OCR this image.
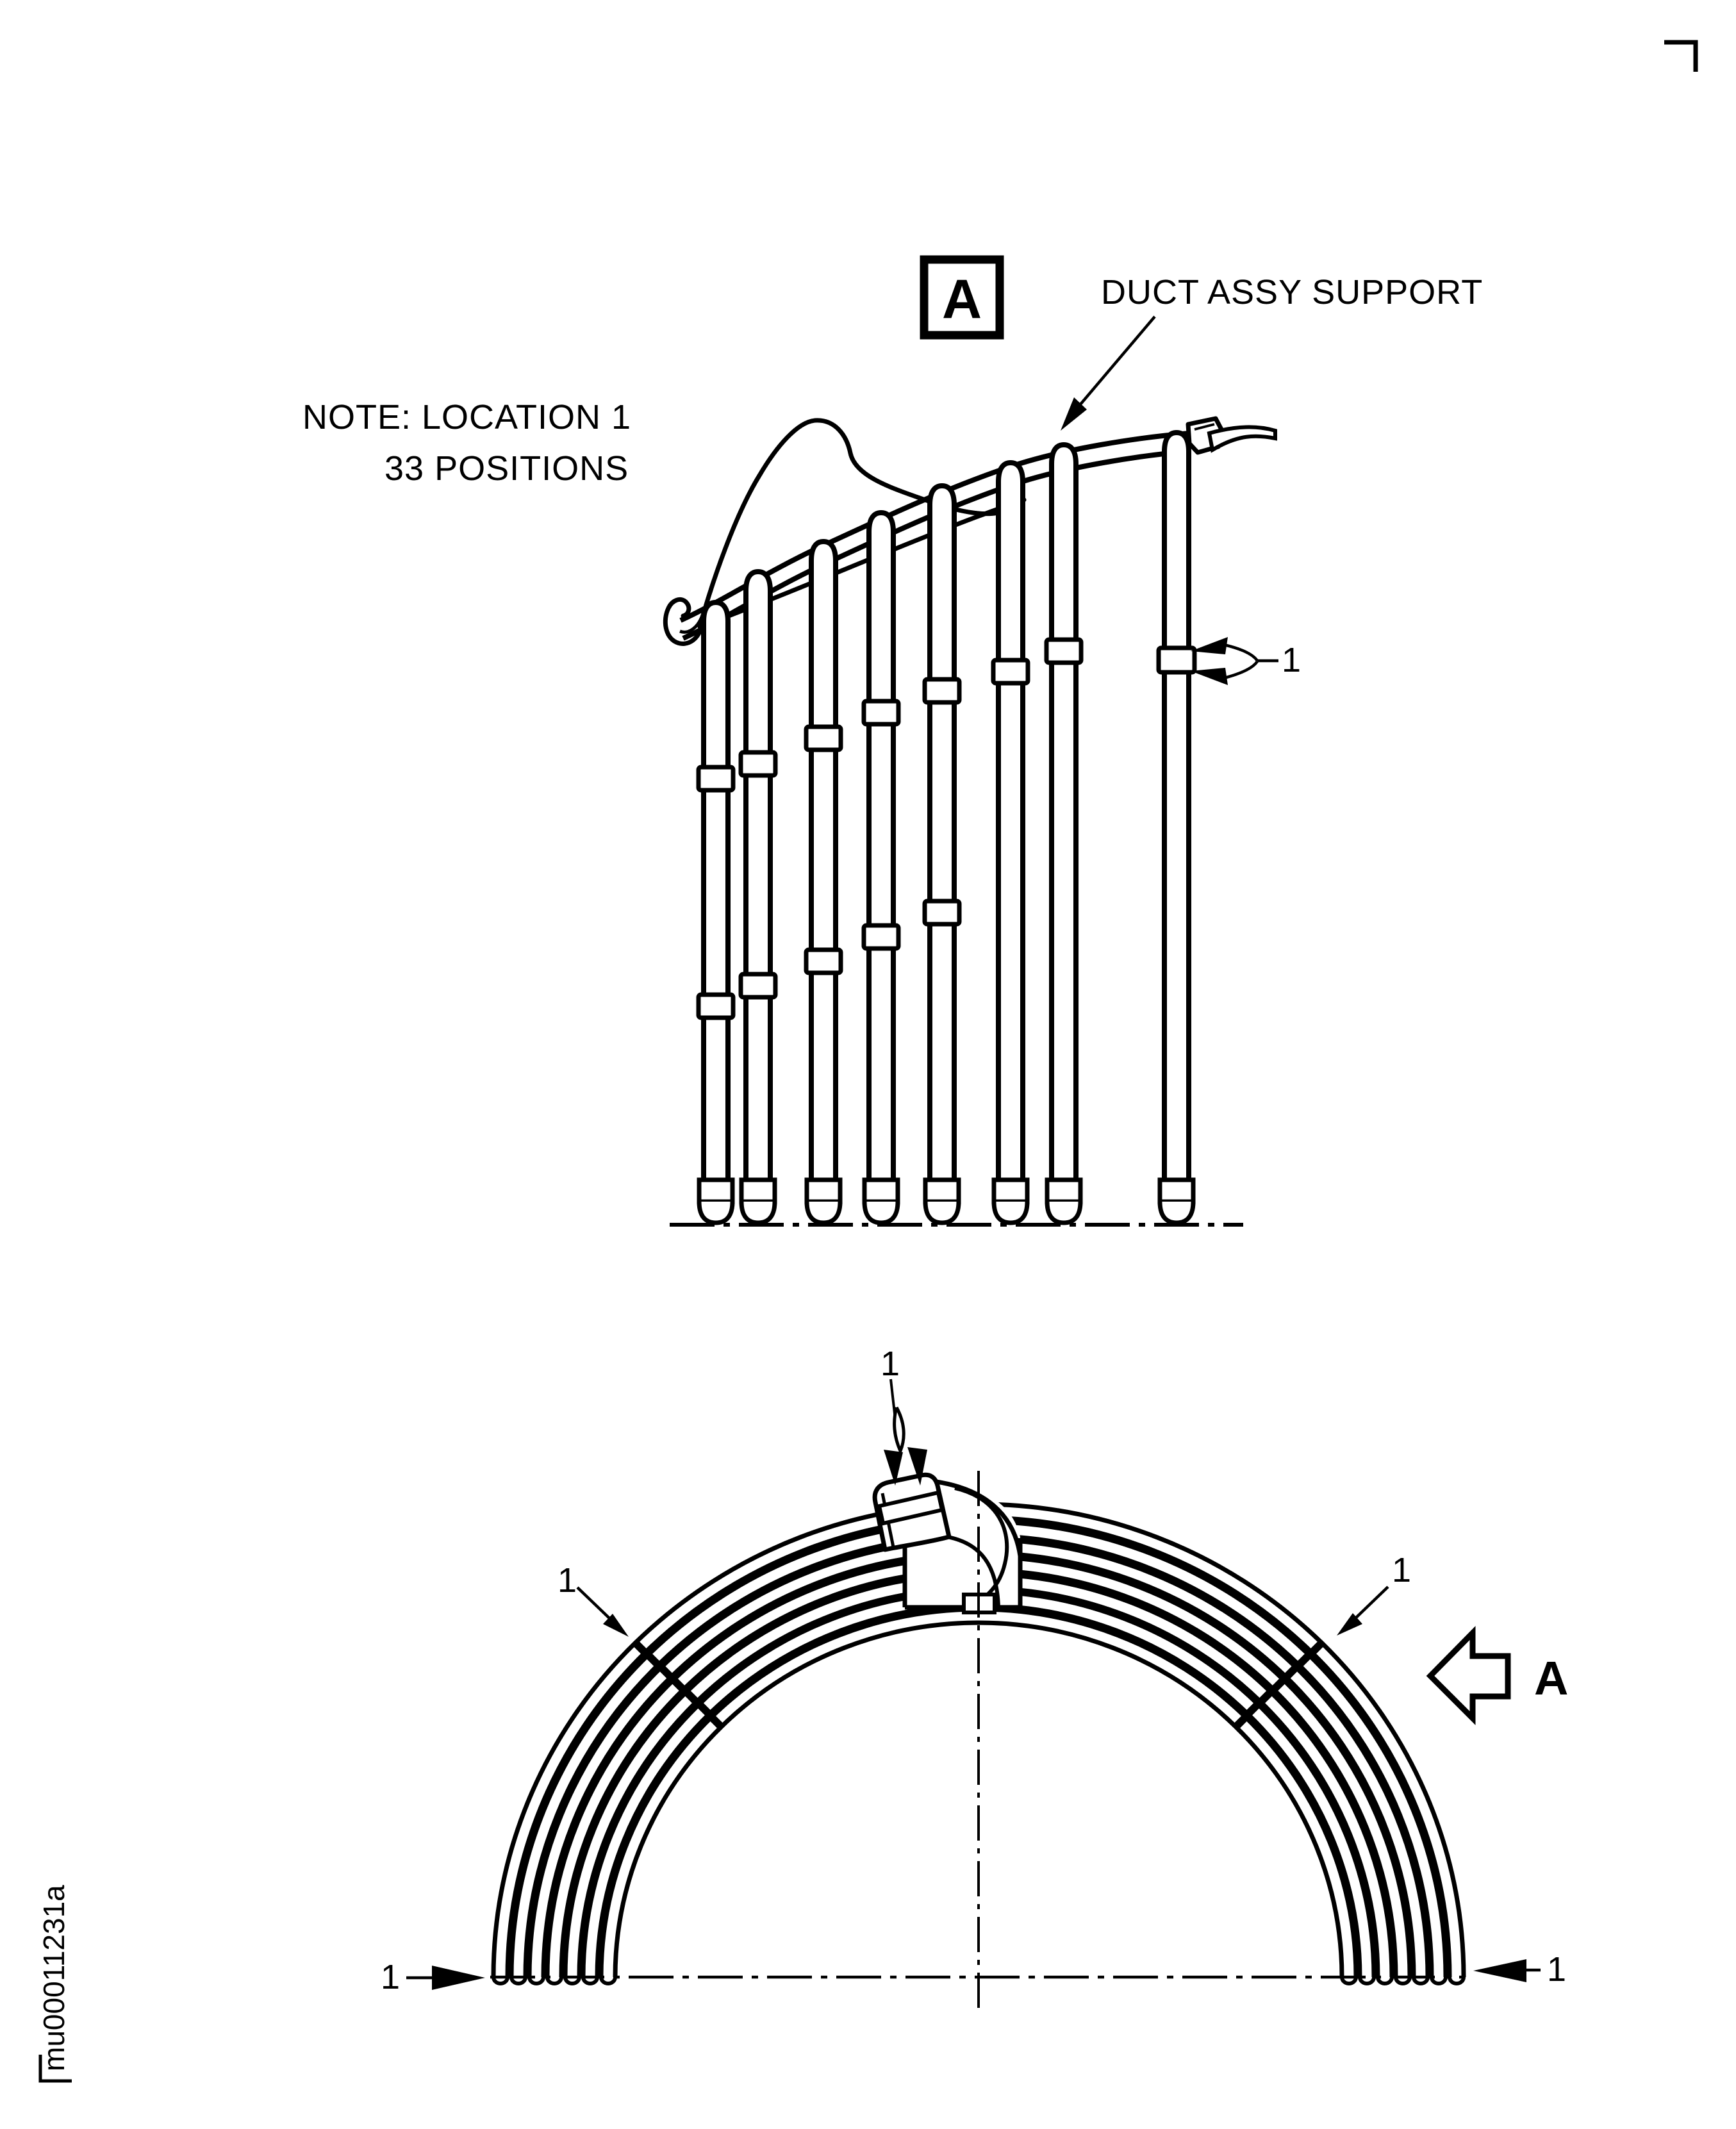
mu00011231a
1
DUCT ASSY SUPPORT
A
NOTE: LOCATION 1
33 POSITIONS
1
1	1
1	1
A
